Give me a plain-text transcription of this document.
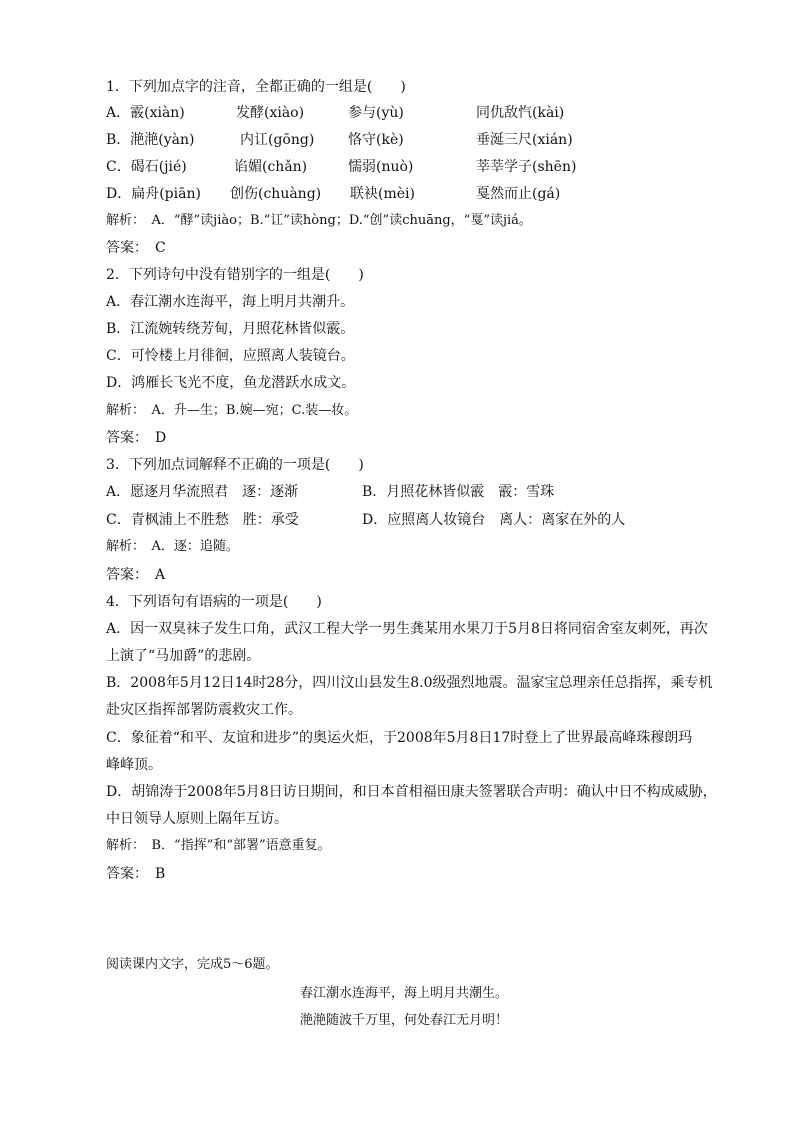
1．下列加点字的注音，全都正确的一组是(　　)
A．霰(xiàn)	发酵(xiào)	参与(yù)	同仇敌忾(kài)
B．滟滟(yàn)	内讧(gōng) 恪守(kè)	垂涎三尺(xián)
C．碣石(jié)	谄媚(chǎn)	懦弱(nuò)	莘莘学子(shēn)
D．扁舟(piān) 创伤(chuàng) 联袂(mèi)	戛然而止(gá)
解析：　A．“酵”读jiào；B.“讧”读hòng；D.“创”读chuāng，“戛”读jiá。
答案：　C
2．下列诗句中没有错别字的一组是(　　)
A．春江潮水连海平，海上明月共潮升。
B．江流婉转绕芳甸，月照花林皆似霰。
C．可怜楼上月徘徊，应照离人装镜台。
D．鸿雁长飞光不度，鱼龙潜跃水成文。
解析：　A．升—生；B.婉—宛；C.装—妆。
答案：　D
3．下列加点词解释不正确的一项是(　　)
A．愿逐月华流照君　逐：逐渐	B．月照花林皆似霰　霰：雪珠
C．青枫浦上不胜愁　胜：承受	D．应照离人妆镜台　离人：离家在外的人
解析：　A．逐：追随。
答案：　A
4．下列语句有语病的一项是(　　)
A．因一双臭袜子发生口角，武汉工程大学一男生龚某用水果刀于5月8日将同宿舍室友刺死，再次
上演了“马加爵”的悲剧。
B．2008年5月12日14时28分，四川汶山县发生8.0级强烈地震。温家宝总理亲任总指挥，乘专机
赴灾区指挥部署防震救灾工作。
C．象征着“和平、友谊和进步”的奥运火炬，于2008年5月8日17时登上了世界最高峰珠穆朗玛
峰峰顶。
D．胡锦涛于2008年5月8日访日期间，和日本首相福田康夫签署联合声明：确认中日不构成威胁，
中日领导人原则上隔年互访。
解析：　B．“指挥”和“部署”语意重复。
答案：　B
阅读课内文字，完成5～6题。
春江潮水连海平，海上明月共潮生。
滟滟随波千万里，何处春江无月明！
